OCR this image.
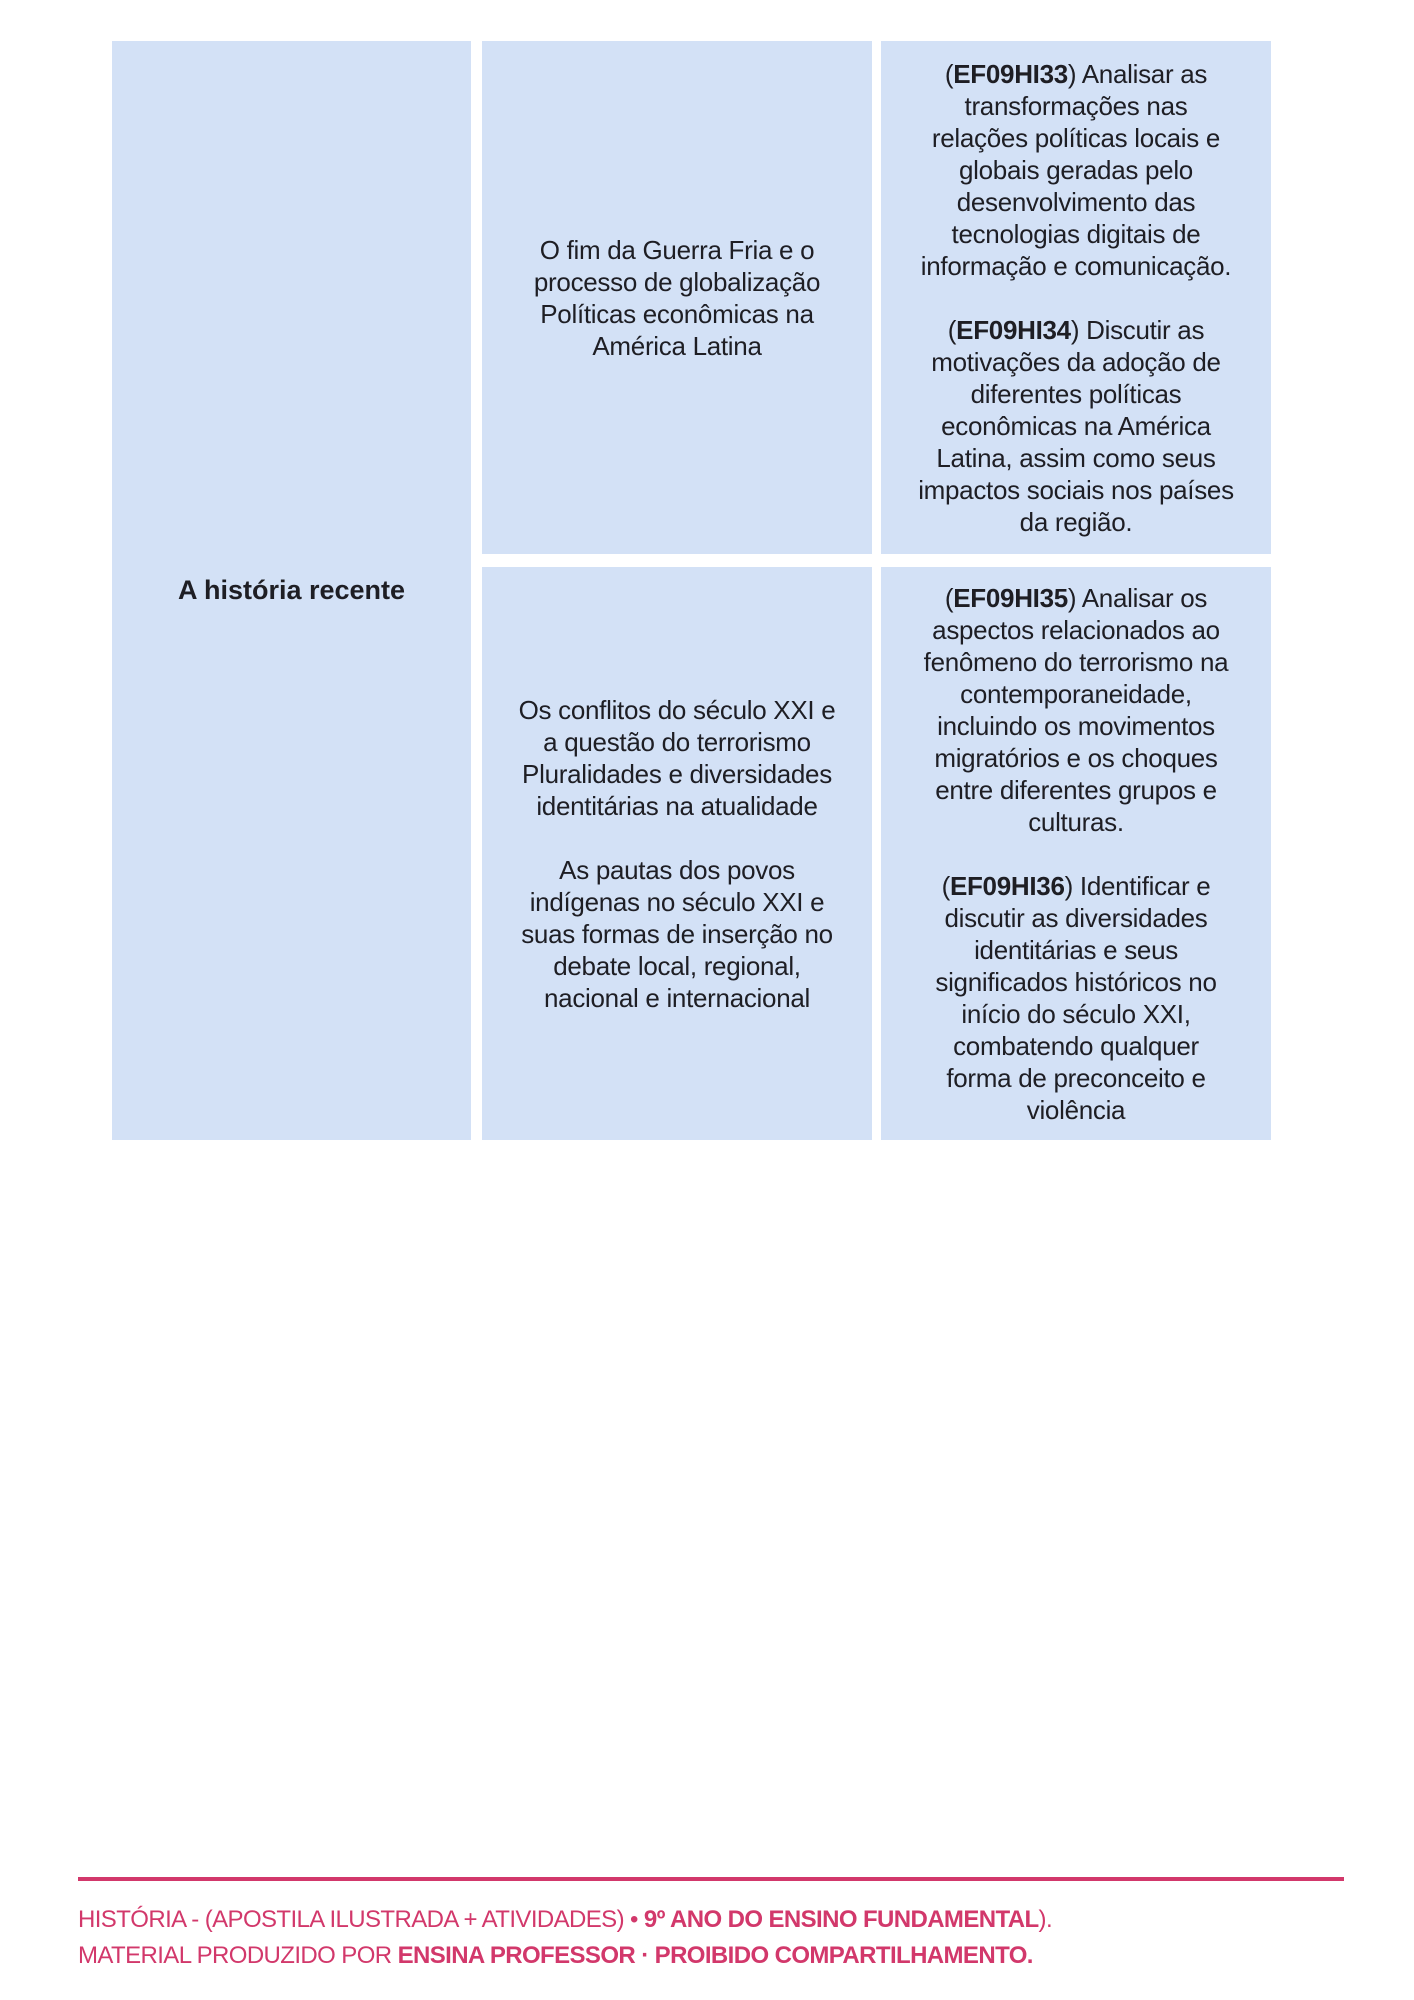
A história recente
O fim da Guerra Fria e o
processo de globalização
Políticas econômicas na
América Latina
(EF09HI33) Analisar as
transformações nas
relações políticas locais e
globais geradas pelo
desenvolvimento das
tecnologias digitais de
informação e comunicação.
(EF09HI34) Discutir as
motivações da adoção de
diferentes políticas
econômicas na América
Latina, assim como seus
impactos sociais nos países
da região.
Os conflitos do século XXI e
a questão do terrorismo
Pluralidades e diversidades
identitárias na atualidade
As pautas dos povos
indígenas no século XXI e
suas formas de inserção no
debate local, regional,
nacional e internacional
(EF09HI35) Analisar os
aspectos relacionados ao
fenômeno do terrorismo na
contemporaneidade,
incluindo os movimentos
migratórios e os choques
entre diferentes grupos e
culturas.
(EF09HI36) Identificar e
discutir as diversidades
identitárias e seus
significados históricos no
início do século XXI,
combatendo qualquer
forma de preconceito e
violência
HISTÓRIA - (APOSTILA ILUSTRADA + ATIVIDADES) • 9º ANO DO ENSINO FUNDAMENTAL).
MATERIAL PRODUZIDO POR ENSINA PROFESSOR · PROIBIDO COMPARTILHAMENTO.
